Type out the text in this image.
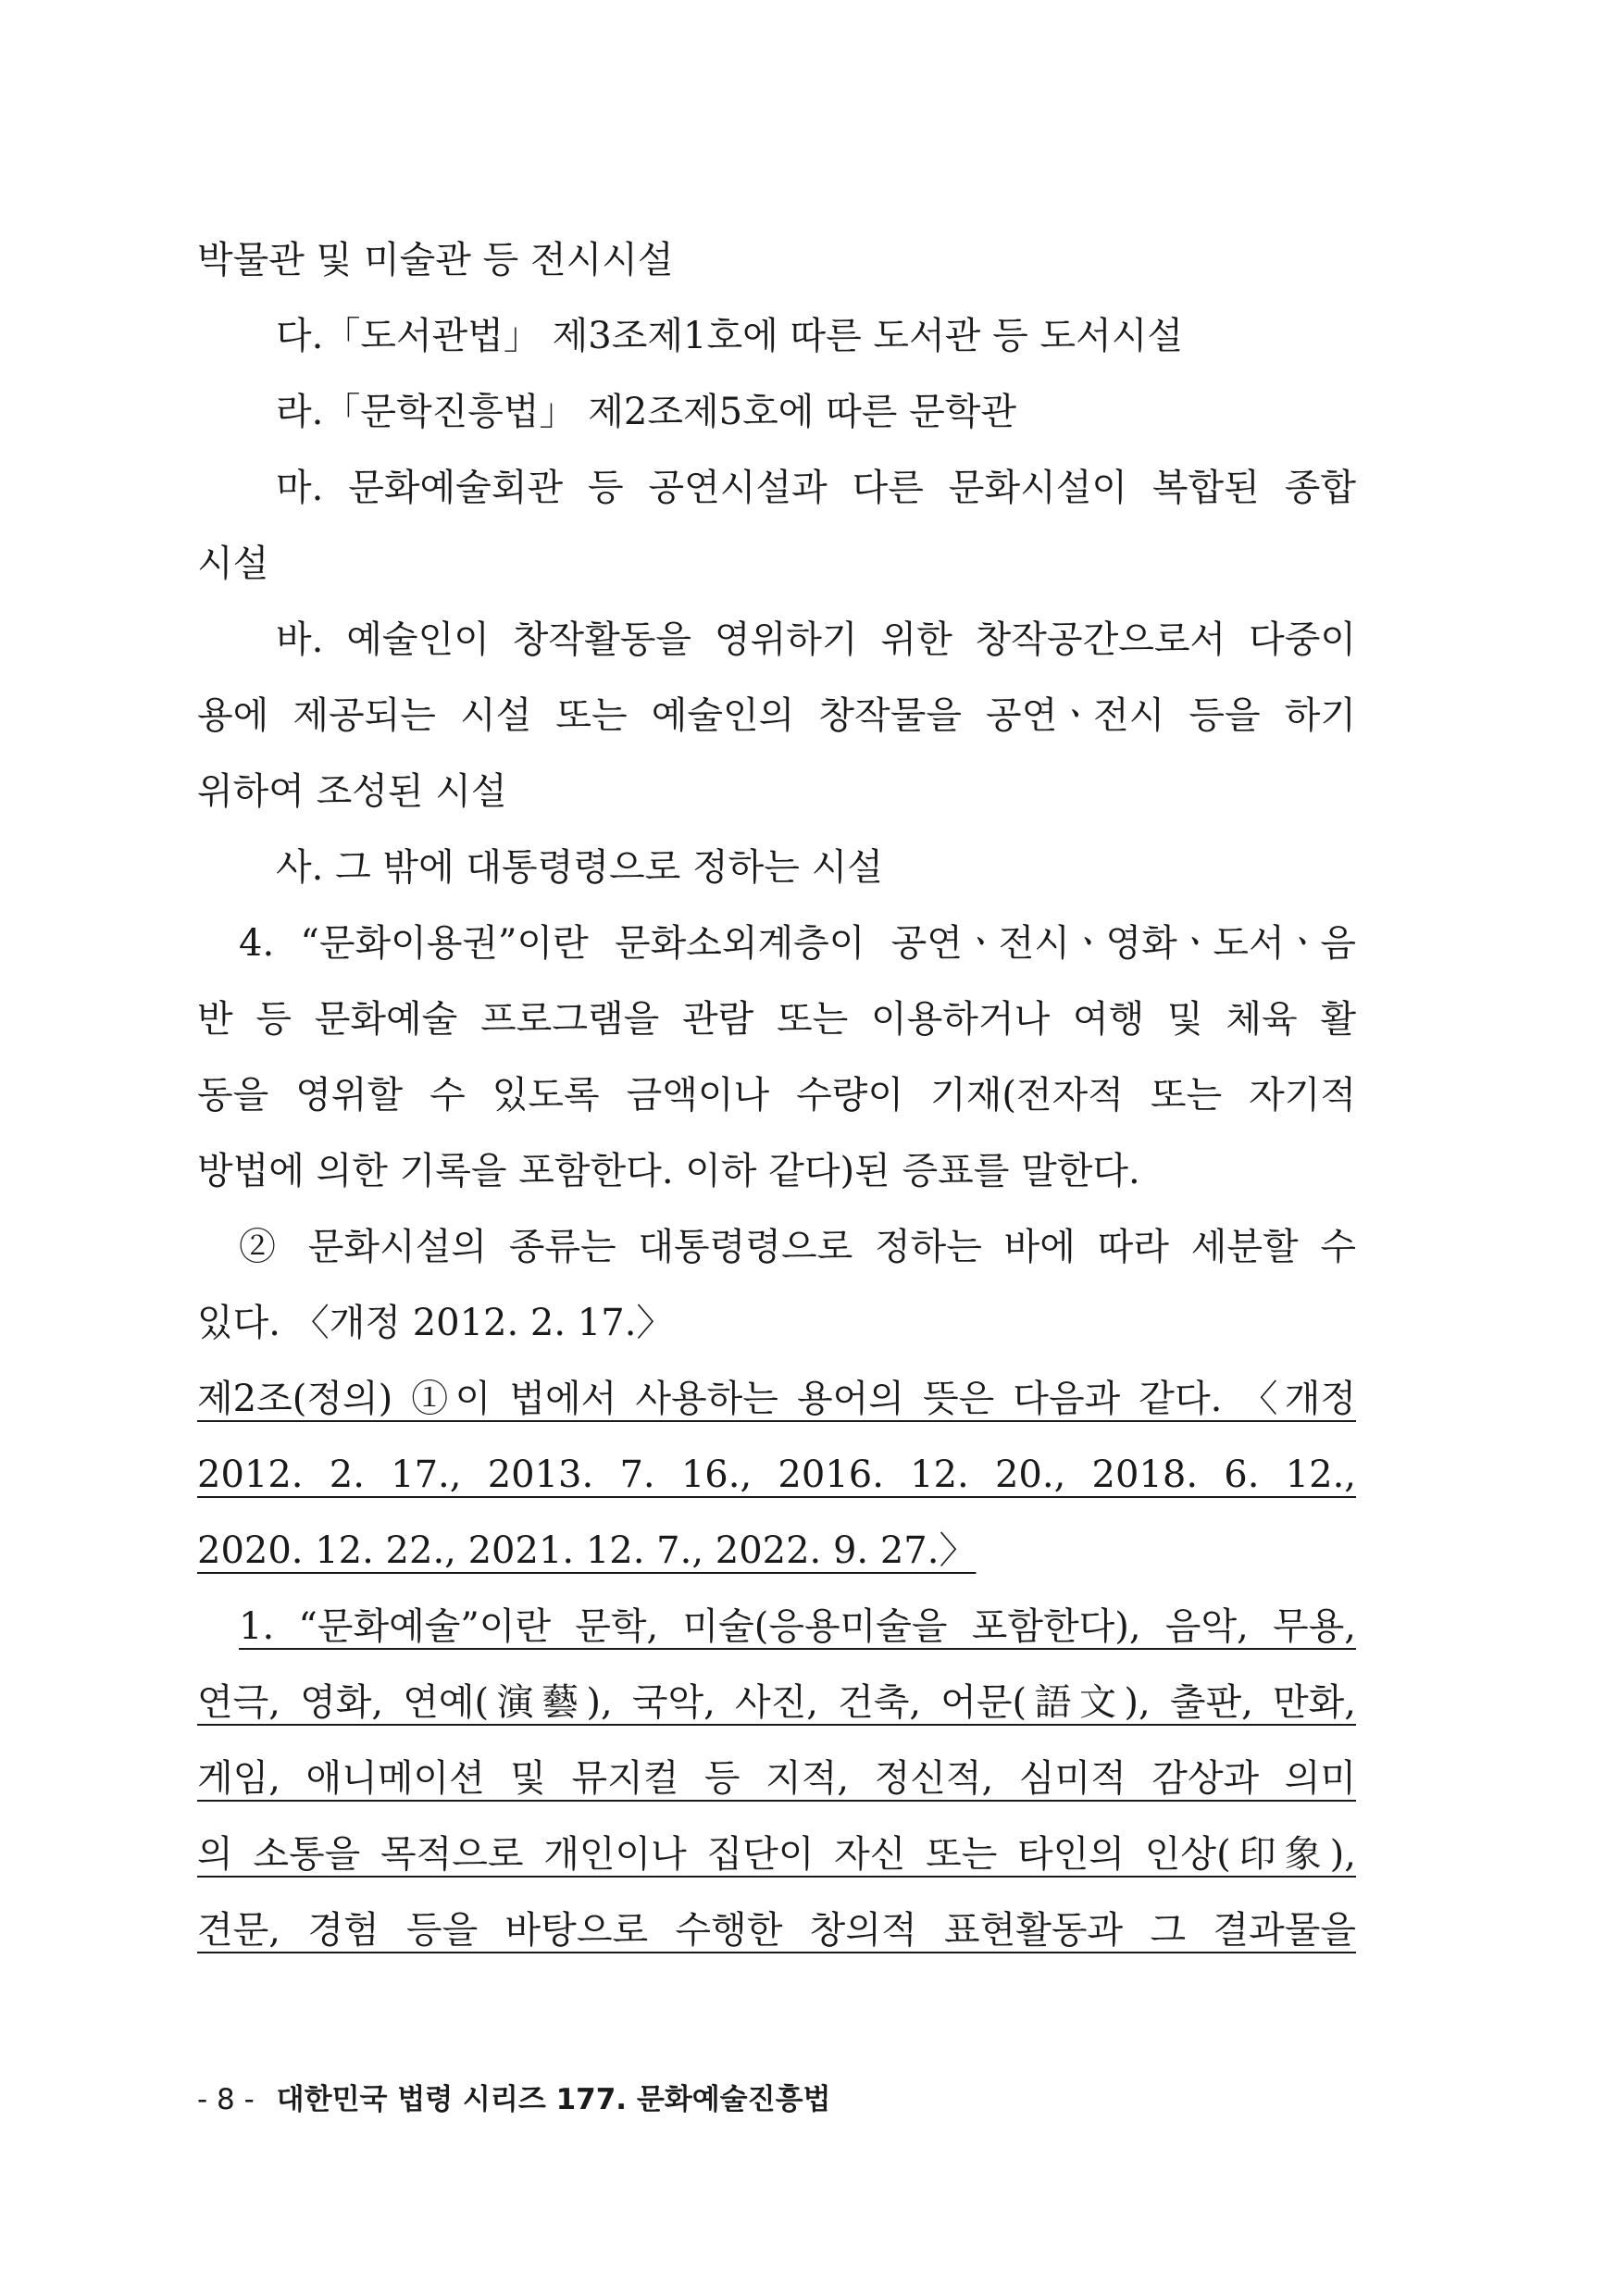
박물관 및 미술관 등 전시시설
다.「도서관법」 제3조제1호에 따른 도서관 등 도서시설
라.「문학진흥법」 제2조제5호에 따른 문학관
마. 문화예술회관 등 공연시설과 다른 문화시설이 복합된 종합
시설
바. 예술인이 창작활동을 영위하기 위한 창작공간으로서 다중이
용에 제공되는 시설 또는 예술인의 창작물을 공연ㆍ전시 등을 하기
위하여 조성된 시설
사. 그 밖에 대통령령으로 정하는 시설
4. “문화이용권”이란 문화소외계층이 공연ㆍ전시ㆍ영화ㆍ도서ㆍ음
반 등 문화예술 프로그램을 관람 또는 이용하거나 여행 및 체육 활
동을 영위할 수 있도록 금액이나 수량이 기재(전자적 또는 자기적
방법에 의한 기록을 포함한다. 이하 같다)된 증표를 말한다.
② 문화시설의 종류는 대통령령으로 정하는 바에 따라 세분할 수
있다. 〈개정 2012. 2. 17.〉
제2조(정의) ①이 법에서 사용하는 용어의 뜻은 다음과 같다. 〈개정
2012. 2. 17., 2013. 7. 16., 2016. 12. 20., 2018. 6. 12.,
2020. 12. 22., 2021. 12. 7., 2022. 9. 27.〉
1. “문화예술”이란 문학, 미술(응용미술을 포함한다), 음악, 무용,
연극, 영화, 연예(演藝), 국악, 사진, 건축, 어문(語文), 출판, 만화,
게임, 애니메이션 및 뮤지컬 등 지적, 정신적, 심미적 감상과 의미
의 소통을 목적으로 개인이나 집단이 자신 또는 타인의 인상(印象),
견문, 경험 등을 바탕으로 수행한 창의적 표현활동과 그 결과물을
- 8 - 대한민국 법령 시리즈 177. 문화예술진흥법
